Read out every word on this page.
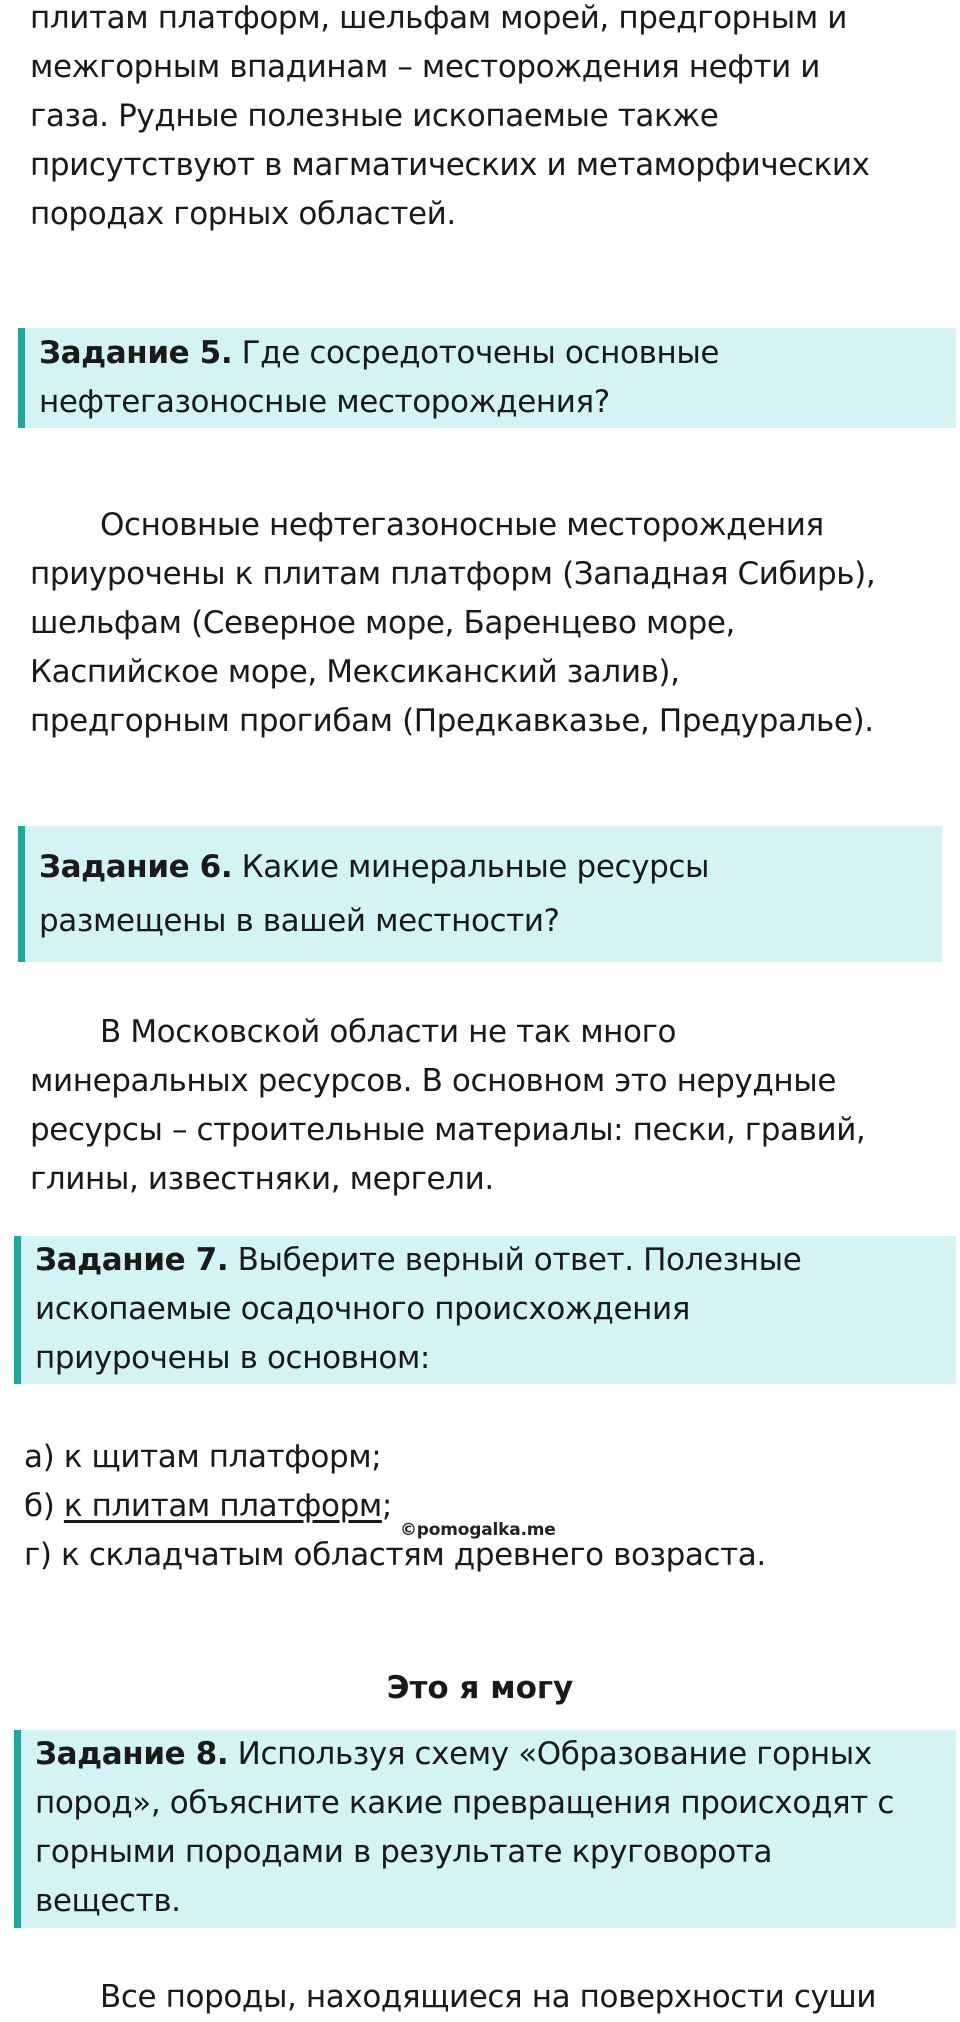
плитам платформ, шельфам морей, предгорным и
межгорным впадинам – месторождения нефти и
газа. Рудные полезные ископаемые также
присутствуют в магматических и метаморфических
породах горных областей.
Задание 5. Где сосредоточены основные
нефтегазоносные месторождения?
Основные нефтегазоносные месторождения
приурочены к плитам платформ (Западная Сибирь),
шельфам (Северное море, Баренцево море,
Каспийское море, Мексиканский залив),
предгорным прогибам (Предкавказье, Предуралье).
Задание 6. Какие минеральные ресурсы
размещены в вашей местности?
В Московской области не так много
минеральных ресурсов. В основном это нерудные
ресурсы – строительные материалы: пески, гравий,
глины, известняки, мергели.
Задание 7. Выберите верный ответ. Полезные
ископаемые осадочного происхождения
приурочены в основном:
а) к щитам платформ;
б) к плитам платформ;
г) к складчатым областям древнего возраста.
©pomogalka.me
Это я могу
Задание 8. Используя схему «Образование горных
пород», объясните какие превращения происходят с
горными породами в результате круговорота
веществ.
Все породы, находящиеся на поверхности суши
